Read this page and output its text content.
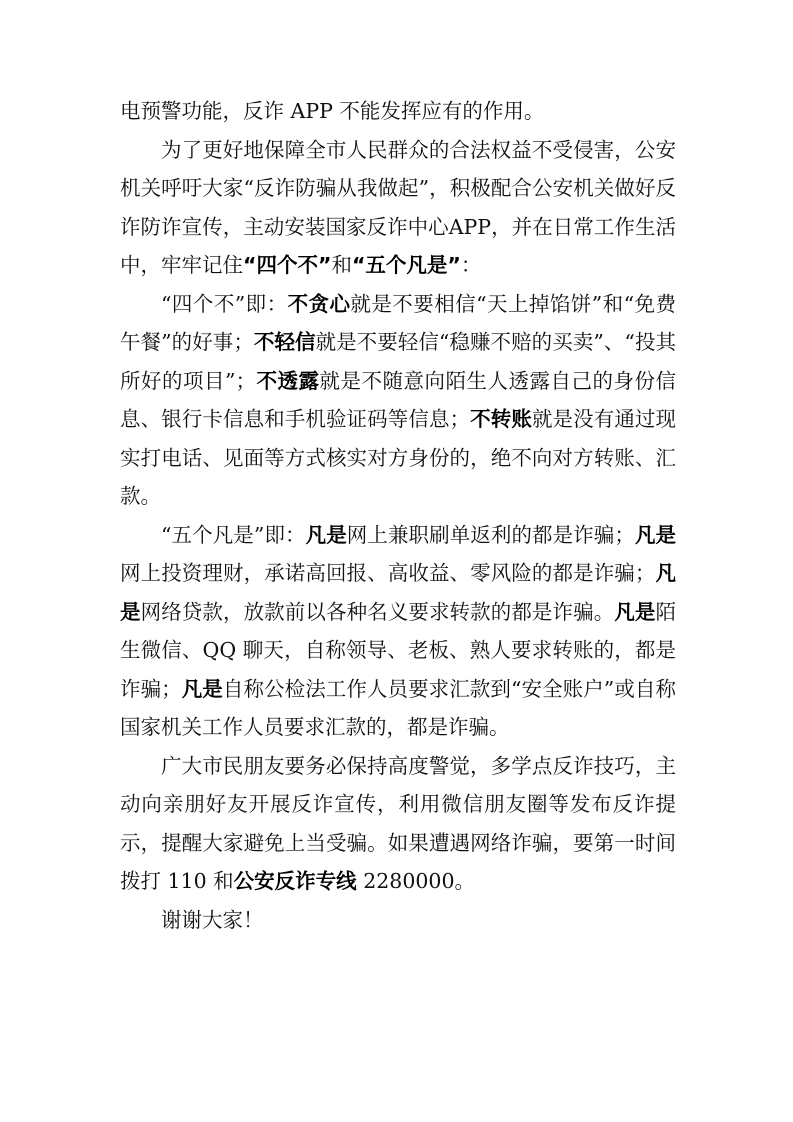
电预警功能，反诈 APP 不能发挥应有的作用。

为了更好地保障全市人民群众的合法权益不受侵害，公安机关呼吁大家“反诈防骗从我做起”，积极配合公安机关做好反诈防诈宣传，主动安装国家反诈中心APP，并在日常工作生活中，牢牢记住“四个不”和“五个凡是”：

“四个不”即：不贪心就是不要相信“天上掉馅饼”和“免费午餐”的好事；不轻信就是不要轻信“稳赚不赔的买卖”、“投其所好的项目”；不透露就是不随意向陌生人透露自己的身份信息、银行卡信息和手机验证码等信息；不转账就是没有通过现实打电话、见面等方式核实对方身份的，绝不向对方转账、汇款。

“五个凡是”即：凡是网上兼职刷单返利的都是诈骗；凡是网上投资理财，承诺高回报、高收益、零风险的都是诈骗；凡是网络贷款，放款前以各种名义要求转款的都是诈骗。凡是陌生微信、QQ 聊天，自称领导、老板、熟人要求转账的，都是诈骗；凡是自称公检法工作人员要求汇款到“安全账户”或自称国家机关工作人员要求汇款的，都是诈骗。

广大市民朋友要务必保持高度警觉，多学点反诈技巧，主动向亲朋好友开展反诈宣传，利用微信朋友圈等发布反诈提示，提醒大家避免上当受骗。如果遭遇网络诈骗，要第一时间拨打 110 和公安反诈专线 2280000。

谢谢大家！
